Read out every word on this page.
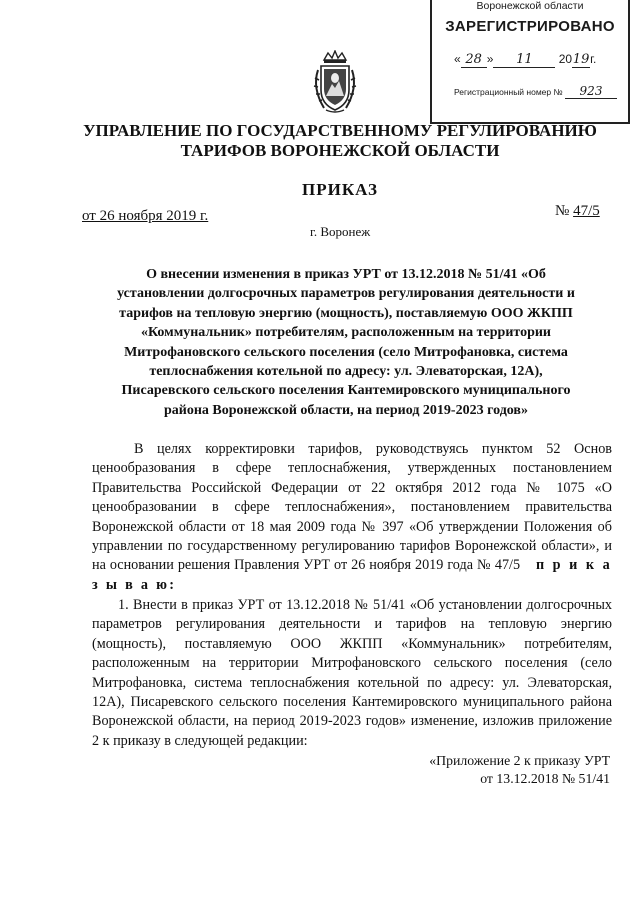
Воронежской области
ЗАРЕГИСТРИРОВАНО
« 28 » 11 2019г.
Регистрационный номер № 923
УПРАВЛЕНИЕ ПО ГОСУДАРСТВЕННОМУ РЕГУЛИРОВАНИЮ
ТАРИФОВ ВОРОНЕЖСКОЙ ОБЛАСТИ
ПРИКАЗ
от 26 ноября 2019 г.	№ 47/5
г. Воронеж
О внесении изменения в приказ УРТ от 13.12.2018 № 51/41 «Об
установлении долгосрочных параметров регулирования деятельности и
тарифов на тепловую энергию (мощность), поставляемую ООО ЖКПП
«Коммунальник» потребителям, расположенным на территории
Митрофановского сельского поселения (село Митрофановка, система
теплоснабжения котельной по адресу: ул. Элеваторская, 12А),
Писаревского сельского поселения Кантемировского муниципального
района Воронежской области, на период 2019-2023 годов»
В целях корректировки тарифов, руководствуясь пунктом 52 Основ ценообразования в сфере теплоснабжения, утвержденных постановлением Правительства Российской Федерации от 22 октября 2012 года № 1075 «О ценообразовании в сфере теплоснабжения», постановлением правительства Воронежской области от 18 мая 2009 года № 397 «Об утверждении Положения об управлении по государственному регулированию тарифов Воронежской области», и на основании решения Правления УРТ от 26 ноября 2019 года № 47/5 п р и к а з ы в а ю:
1. Внести в приказ УРТ от 13.12.2018 № 51/41 «Об установлении долгосрочных параметров регулирования деятельности и тарифов на тепловую энергию (мощность), поставляемую ООО ЖКПП «Коммунальник» потребителям, расположенным на территории Митрофановского сельского поселения (село Митрофановка, система теплоснабжения котельной по адресу: ул. Элеваторская, 12А), Писаревского сельского поселения Кантемировского муниципального района Воронежской области, на период 2019-2023 годов» изменение, изложив приложение 2 к приказу в следующей редакции:
«Приложение 2 к приказу УРТ
от 13.12.2018 № 51/41
